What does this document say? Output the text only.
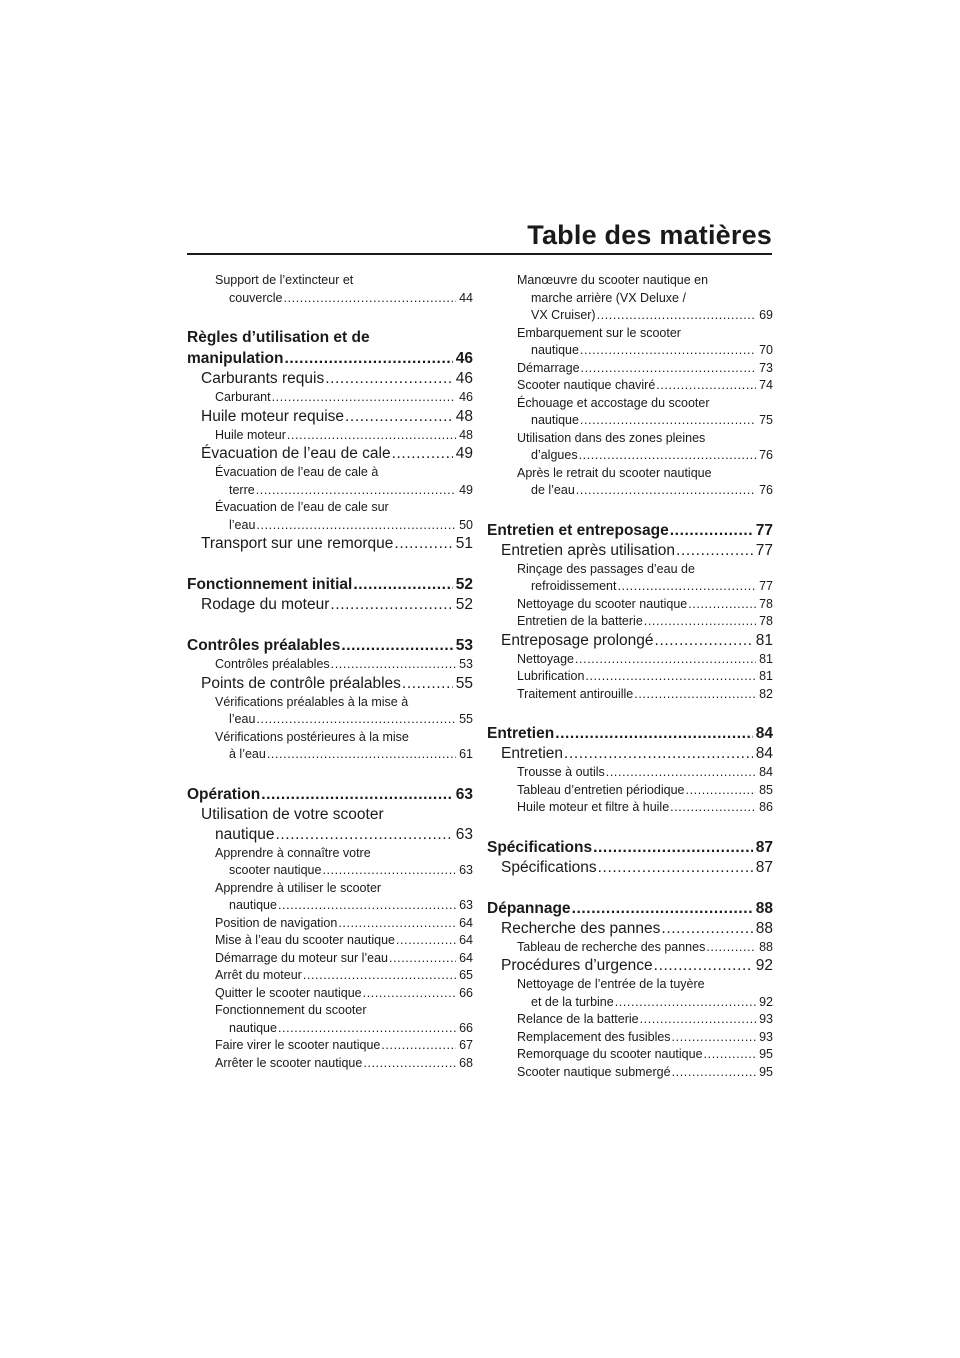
Table des matières
Support de l’extincteur et
couvercle .....	44
Règles d’utilisation et de
manipulation .....	46
Carburants requis .....	46
Carburant .....	46
Huile moteur requise .....	48
Huile moteur .....	48
Évacuation de l’eau de cale .....	49
Évacuation de l’eau de cale à
terre .....	49
Évacuation de l’eau de cale sur
l’eau .....	50
Transport sur une remorque .....	51
Fonctionnement initial .....	52
Rodage du moteur .....	52
Contrôles préalables .....	53
Contrôles préalables .....	53
Points de contrôle préalables .....	55
Vérifications préalables à la mise à
l’eau .....	55
Vérifications postérieures à la mise
à l’eau .....	61
Opération .....	63
Utilisation de votre scooter
nautique .....	63
Apprendre à connaître votre
scooter nautique .....	63
Apprendre à utiliser le scooter
nautique .....	63
Position de navigation .....	64
Mise à l’eau du scooter nautique .....	64
Démarrage du moteur sur l’eau .....	64
Arrêt du moteur .....	65
Quitter le scooter nautique .....	66
Fonctionnement du scooter
nautique .....	66
Faire virer le scooter nautique .....	67
Arrêter le scooter nautique .....	68
Manœuvre du scooter nautique en
marche arrière (VX Deluxe /
VX Cruiser) .....	69
Embarquement sur le scooter
nautique .....	70
Démarrage .....	73
Scooter nautique chaviré .....	74
Échouage et accostage du scooter
nautique .....	75
Utilisation dans des zones pleines
d’algues .....	76
Après le retrait du scooter nautique
de l’eau .....	76
Entretien et entreposage .....	77
Entretien après utilisation .....	77
Rinçage des passages d’eau de
refroidissement .....	77
Nettoyage du scooter nautique .....	78
Entretien de la batterie .....	78
Entreposage prolongé .....	81
Nettoyage .....	81
Lubrification .....	81
Traitement antirouille .....	82
Entretien .....	84
Entretien .....	84
Trousse à outils .....	84
Tableau d’entretien périodique .....	85
Huile moteur et filtre à huile .....	86
Spécifications .....	87
Spécifications .....	87
Dépannage .....	88
Recherche des pannes .....	88
Tableau de recherche des pannes .....	88
Procédures d’urgence .....	92
Nettoyage de l’entrée de la tuyère
et de la turbine .....	92
Relance de la batterie .....	93
Remplacement des fusibles .....	93
Remorquage du scooter nautique .....	95
Scooter nautique submergé .....	95
